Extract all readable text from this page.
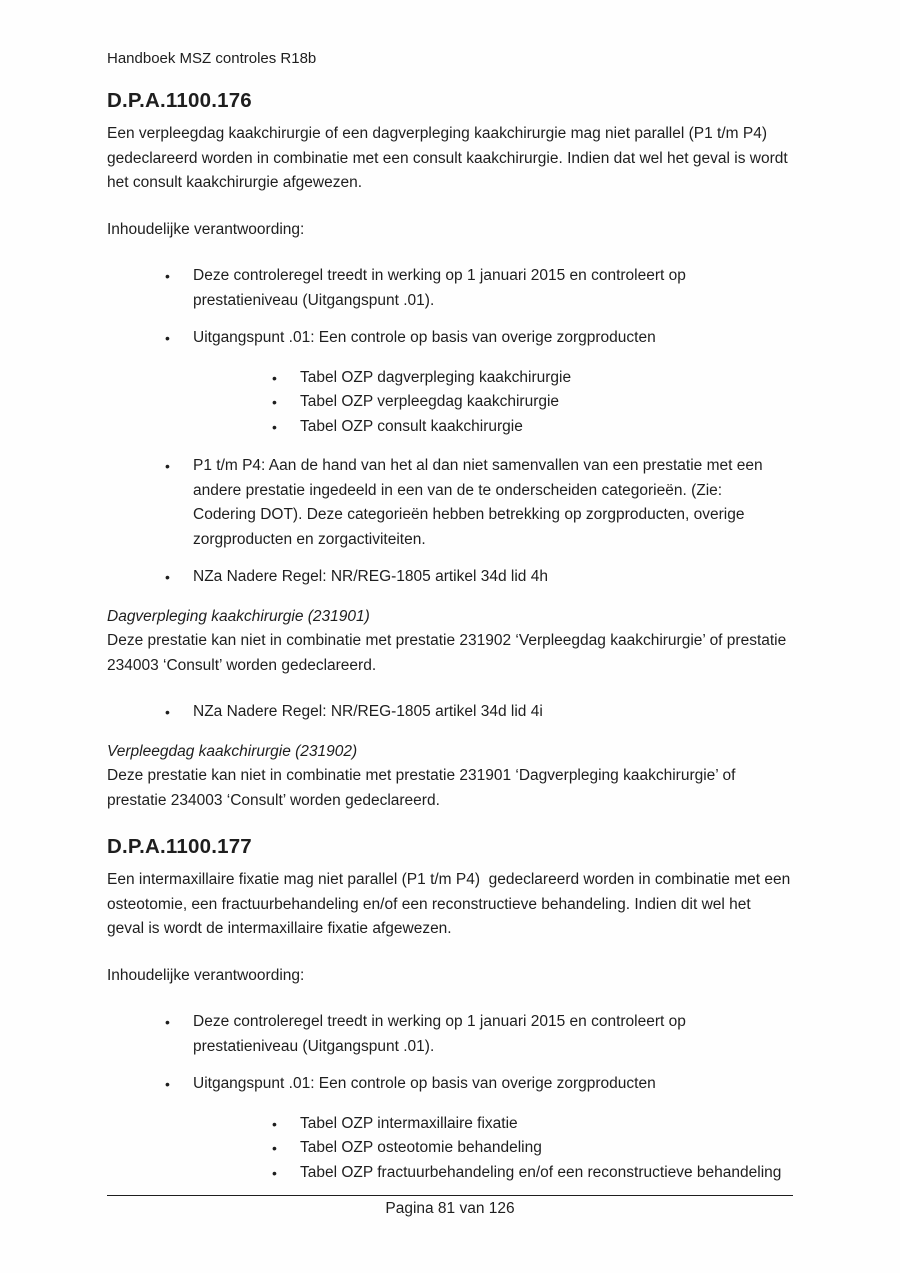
Handboek MSZ controles R18b

D.P.A.1100.176

Een verpleegdag kaakchirurgie of een dagverpleging kaakchirurgie mag niet parallel (P1 t/m P4) gedeclareerd worden in combinatie met een consult kaakchirurgie. Indien dat wel het geval is wordt het consult kaakchirurgie afgewezen.

Inhoudelijke verantwoording:

•	Deze controleregel treedt in werking op 1 januari 2015 en controleert op prestatieniveau (Uitgangspunt .01).
•	Uitgangspunt .01: Een controle op basis van overige zorgproducten
•	Tabel OZP dagverpleging kaakchirurgie
•	Tabel OZP verpleegdag kaakchirurgie
•	Tabel OZP consult kaakchirurgie
•	P1 t/m P4: Aan de hand van het al dan niet samenvallen van een prestatie met een andere prestatie ingedeeld in een van de te onderscheiden categorieën. (Zie: Codering DOT). Deze categorieën hebben betrekking op zorgproducten, overige zorgproducten en zorgactiviteiten.
•	NZa Nadere Regel: NR/REG-1805 artikel 34d lid 4h

Dagverpleging kaakchirurgie (231901)

Deze prestatie kan niet in combinatie met prestatie 231902 ‘Verpleegdag kaakchirurgie’ of prestatie 234003 ‘Consult’ worden gedeclareerd.

•	NZa Nadere Regel: NR/REG-1805 artikel 34d lid 4i

Verpleegdag kaakchirurgie (231902)

Deze prestatie kan niet in combinatie met prestatie 231901 ‘Dagverpleging kaakchirurgie’ of prestatie 234003 ‘Consult’ worden gedeclareerd.

D.P.A.1100.177

Een intermaxillaire fixatie mag niet parallel (P1 t/m P4)  gedeclareerd worden in combinatie met een osteotomie, een fractuurbehandeling en/of een reconstructieve behandeling. Indien dit wel het geval is wordt de intermaxillaire fixatie afgewezen.

Inhoudelijke verantwoording:

•	Deze controleregel treedt in werking op 1 januari 2015 en controleert op prestatieniveau (Uitgangspunt .01).
•	Uitgangspunt .01: Een controle op basis van overige zorgproducten
•	Tabel OZP intermaxillaire fixatie
•	Tabel OZP osteotomie behandeling
•	Tabel OZP fractuurbehandeling en/of een reconstructieve behandeling
Pagina 81 van 126
